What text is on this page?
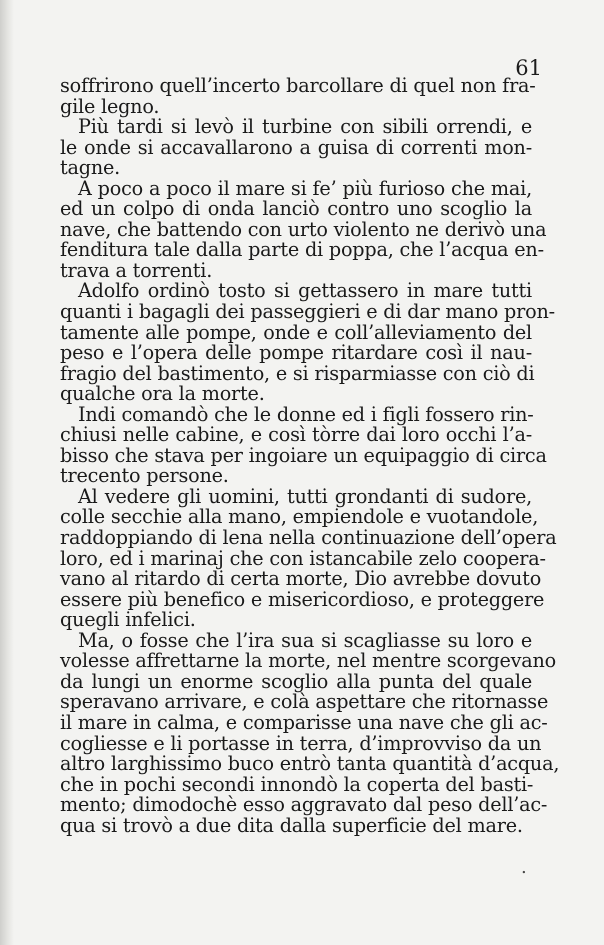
61

soffrirono quell’incerto barcollare di quel non fra-
gile legno.
Più tardi si levò il turbine con sibili orrendi, e
le onde si accavallarono a guisa di correnti mon-
tagne.
A poco a poco il mare si fe’ più furioso che mai,
ed un colpo di onda lanciò contro uno scoglio la
nave, che battendo con urto violento ne derivò una
fenditura tale dalla parte di poppa, che l’acqua en-
trava a torrenti.
Adolfo ordinò tosto si gettassero in mare tutti
quanti i bagagli dei passeggieri e di dar mano pron-
tamente alle pompe, onde e coll’alleviamento del
peso e l’opera delle pompe ritardare così il nau-
fragio del bastimento, e si risparmiasse con ciò di
qualche ora la morte.
Indi comandò che le donne ed i figli fossero rin-
chiusi nelle cabine, e così tòrre dai loro occhi l’a-
bisso che stava per ingoiare un equipaggio di circa
trecento persone.
Al vedere gli uomini, tutti grondanti di sudore,
colle secchie alla mano, empiendole e vuotandole,
raddoppiando di lena nella continuazione dell’opera
loro, ed i marinaj che con istancabile zelo coopera-
vano al ritardo di certa morte, Dio avrebbe dovuto
essere più benefico e misericordioso, e proteggere
quegli infelici.
Ma, o fosse che l’ira sua si scagliasse su loro e
volesse affrettarne la morte, nel mentre scorgevano
da lungi un enorme scoglio alla punta del quale
speravano arrivare, e colà aspettare che ritornasse
il mare in calma, e comparisse una nave che gli ac-
cogliesse e li portasse in terra, d’improvviso da un
altro larghissimo buco entrò tanta quantità d’acqua,
che in pochi secondi innondò la coperta del basti-
mento; dimodochè esso aggravato dal peso dell’ac-
qua si trovò a due dita dalla superficie del mare.
.
